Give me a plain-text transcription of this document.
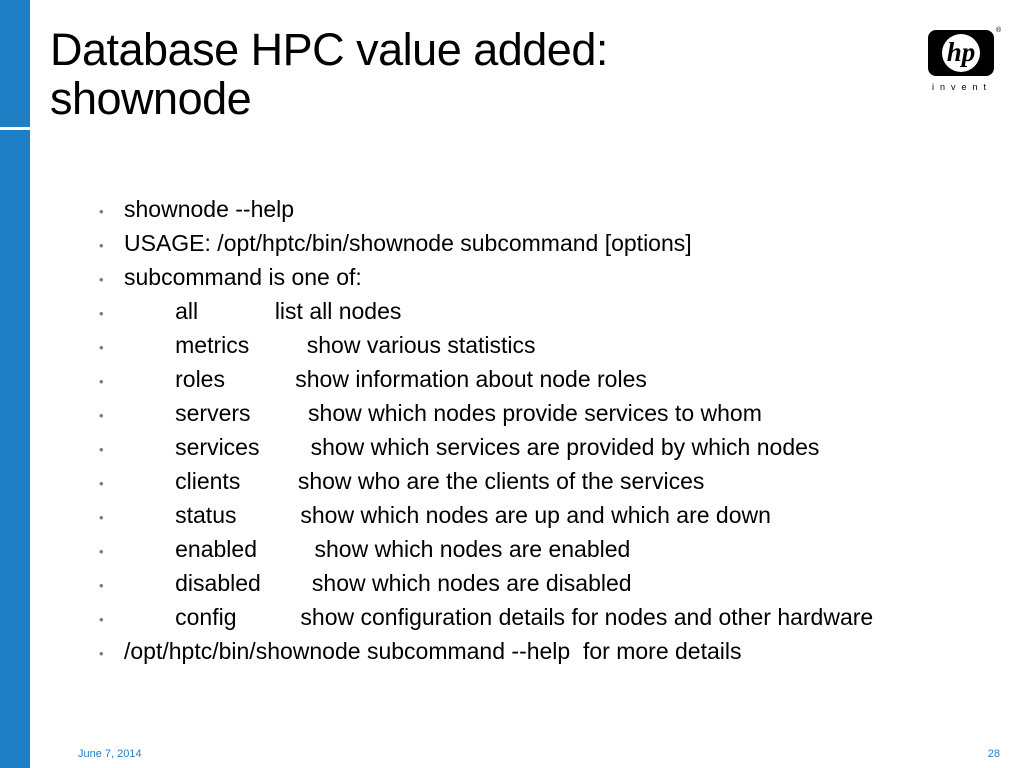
Database HPC value added: shownode
hp
®
invent
• shownode --help
• USAGE: /opt/hptc/bin/shownode subcommand [options]
• subcommand is one of:
•         all            list all nodes
•         metrics         show various statistics
•         roles           show information about node roles
•         servers         show which nodes provide services to whom
•         services        show which services are provided by which nodes
•         clients         show who are the clients of the services
•         status          show which nodes are up and which are down
•         enabled         show which nodes are enabled
•         disabled        show which nodes are disabled
•         config          show configuration details for nodes and other hardware
• /opt/hptc/bin/shownode subcommand --help  for more details
June 7, 2014	28
